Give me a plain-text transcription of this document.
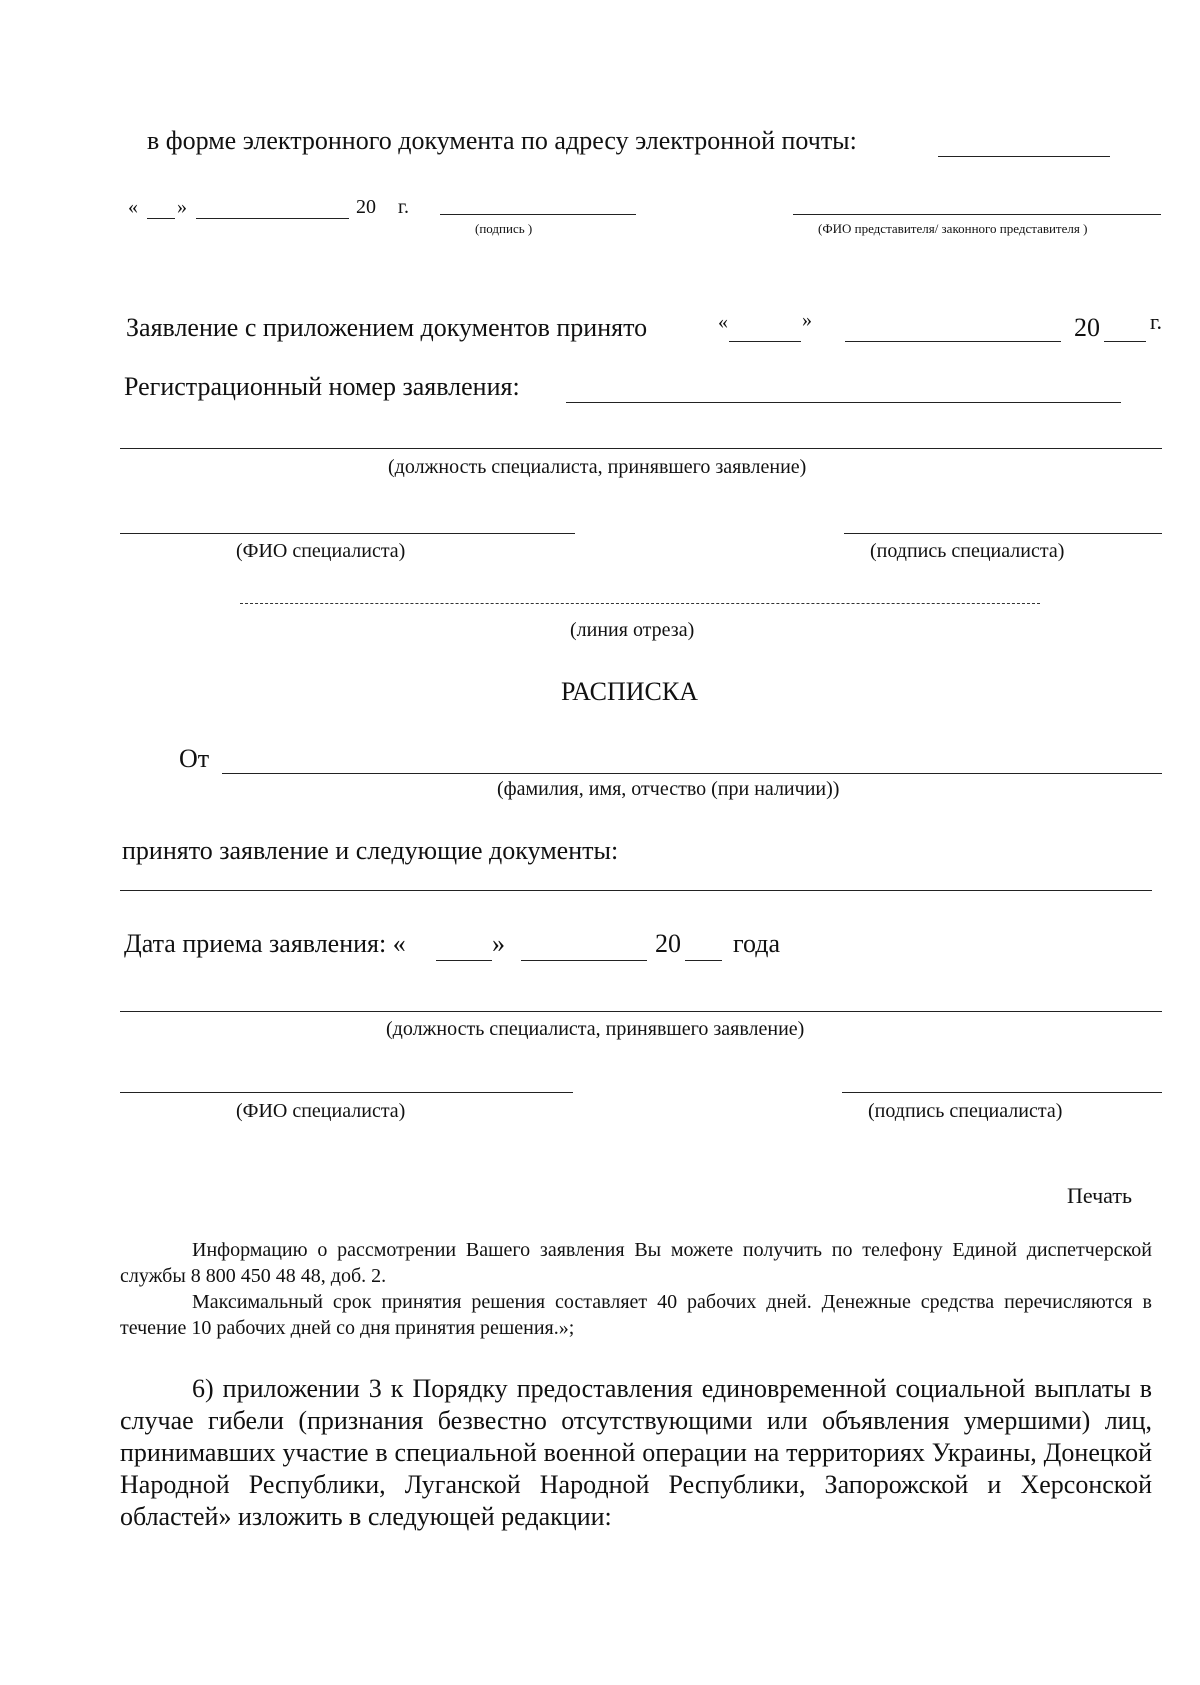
в форме электронного документа по адресу электронной почты:
« »	20 г.
(подпись )	(ФИО представителя/ законного представителя )
Заявление с приложением документов принято	«	»	20 г.
Регистрационный номер заявления:
(должность специалиста, принявшего заявление)
(ФИО специалиста)	(подпись специалиста)
(линия отреза)
РАСПИСКА
От
(фамилия, имя, отчество (при наличии))
принято заявление и следующие документы:
Дата приема заявления: «	»	20 года
(должность специалиста, принявшего заявление)
(ФИО специалиста)	(подпись специалиста)
Печать

Информацию о рассмотрении Вашего заявления Вы можете получить по телефону Единой диспетчерской службы 8 800 450 48 48, доб. 2.

Максимальный срок принятия решения составляет 40 рабочих дней. Денежные средства перечисляются в течение 10 рабочих дней со дня принятия решения.»;

6) приложении 3 к Порядку предоставления единовременной социальной выплаты в случае гибели (признания безвестно отсутствующими или объявления умершими) лиц, принимавших участие в специальной военной операции на территориях Украины, Донецкой Народной Республики, Луганской Народной Республики, Запорожской и Херсонской областей» изложить в следующей редакции:
